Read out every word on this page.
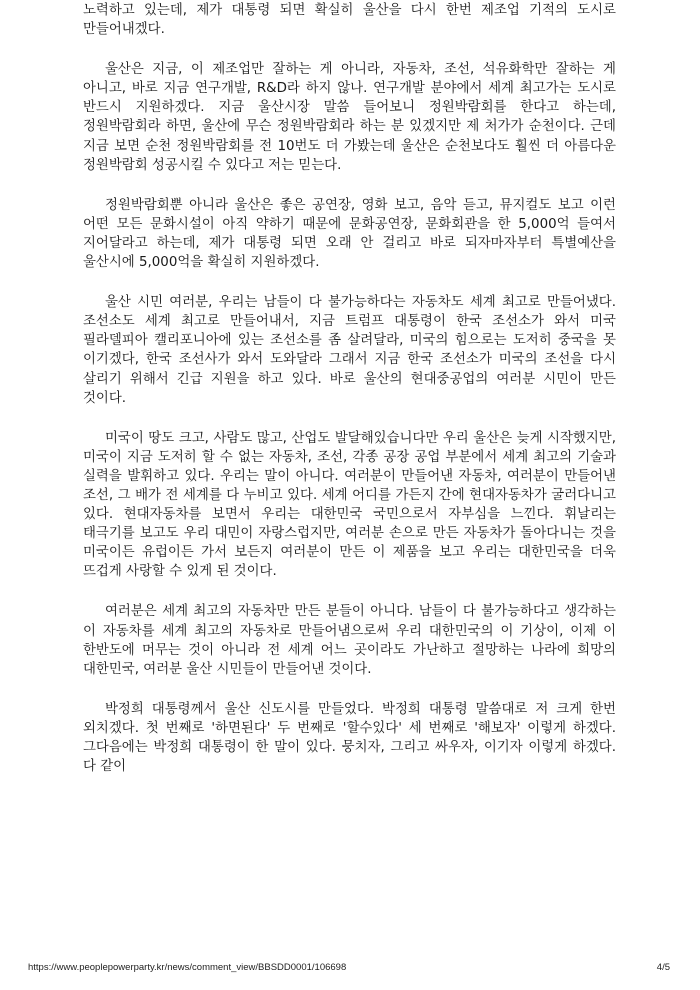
노력하고 있는데, 제가 대통령 되면 확실히 울산을 다시 한번 제조업 기적의 도시로 만들어내겠다.

울산은 지금, 이 제조업만 잘하는 게 아니라, 자동차, 조선, 석유화학만 잘하는 게 아니고, 바로 지금 연구개발, R&D라 하지 않나. 연구개발 분야에서 세계 최고가는 도시로 반드시 지원하겠다. 지금 울산시장 말씀 들어보니 정원박람회를 한다고 하는데, 정원박람회라 하면, 울산에 무슨 정원박람회라 하는 분 있겠지만 제 처가가 순천이다. 근데 지금 보면 순천 정원박람회를 전 10번도 더 가봤는데 울산은 순천보다도 훨씬 더 아름다운 정원박람회 성공시킬 수 있다고 저는 믿는다.

정원박람회뿐 아니라 울산은 좋은 공연장, 영화 보고, 음악 듣고, 뮤지컬도 보고 이런 어떤 모든 문화시설이 아직 약하기 때문에 문화공연장, 문화회관을 한 5,000억 들여서 지어달라고 하는데, 제가 대통령 되면 오래 안 걸리고 바로 되자마자부터 특별예산을 울산시에 5,000억을 확실히 지원하겠다.

울산 시민 여러분, 우리는 남들이 다 불가능하다는 자동차도 세계 최고로 만들어냈다. 조선소도 세계 최고로 만들어내서, 지금 트럼프 대통령이 한국 조선소가 와서 미국 필라델피아 캘리포니아에 있는 조선소를 좀 살려달라, 미국의 힘으로는 도저히 중국을 못 이기겠다, 한국 조선사가 와서 도와달라 그래서 지금 한국 조선소가 미국의 조선을 다시 살리기 위해서 긴급 지원을 하고 있다. 바로 울산의 현대중공업의 여러분 시민이 만든 것이다.

미국이 땅도 크고, 사람도 많고, 산업도 발달해있습니다만 우리 울산은 늦게 시작했지만, 미국이 지금 도저히 할 수 없는 자동차, 조선, 각종 공장 공업 부분에서 세계 최고의 기술과 실력을 발휘하고 있다. 우리는 말이 아니다. 여러분이 만들어낸 자동차, 여러분이 만들어낸 조선, 그 배가 전 세계를 다 누비고 있다. 세계 어디를 가든지 간에 현대자동차가 굴러다니고 있다. 현대자동차를 보면서 우리는 대한민국 국민으로서 자부심을 느낀다. 휘날리는 태극기를 보고도 우리 대민이 자랑스럽지만, 여러분 손으로 만든 자동차가 돌아다니는 것을 미국이든 유럽이든 가서 보든지 여러분이 만든 이 제품을 보고 우리는 대한민국을 더욱 뜨겁게 사랑할 수 있게 된 것이다.

여러분은 세계 최고의 자동차만 만든 분들이 아니다. 남들이 다 불가능하다고 생각하는 이 자동차를 세계 최고의 자동차로 만들어냄으로써 우리 대한민국의 이 기상이, 이제 이 한반도에 머무는 것이 아니라 전 세계 어느 곳이라도 가난하고 절망하는 나라에 희망의 대한민국, 여러분 울산 시민들이 만들어낸 것이다.

박정희 대통령께서 울산 신도시를 만들었다. 박정희 대통령 말씀대로 저 크게 한번 외치겠다. 첫 번째로 '하면된다' 두 번째로 '할수있다' 세 번째로 '해보자' 이렇게 하겠다. 그다음에는 박정희 대통령이 한 말이 있다. 뭉치자, 그리고 싸우자, 이기자 이렇게 하겠다. 다 같이

https://www.peoplepowerparty.kr/news/comment_view/BBSDD0001/106698	4/5
